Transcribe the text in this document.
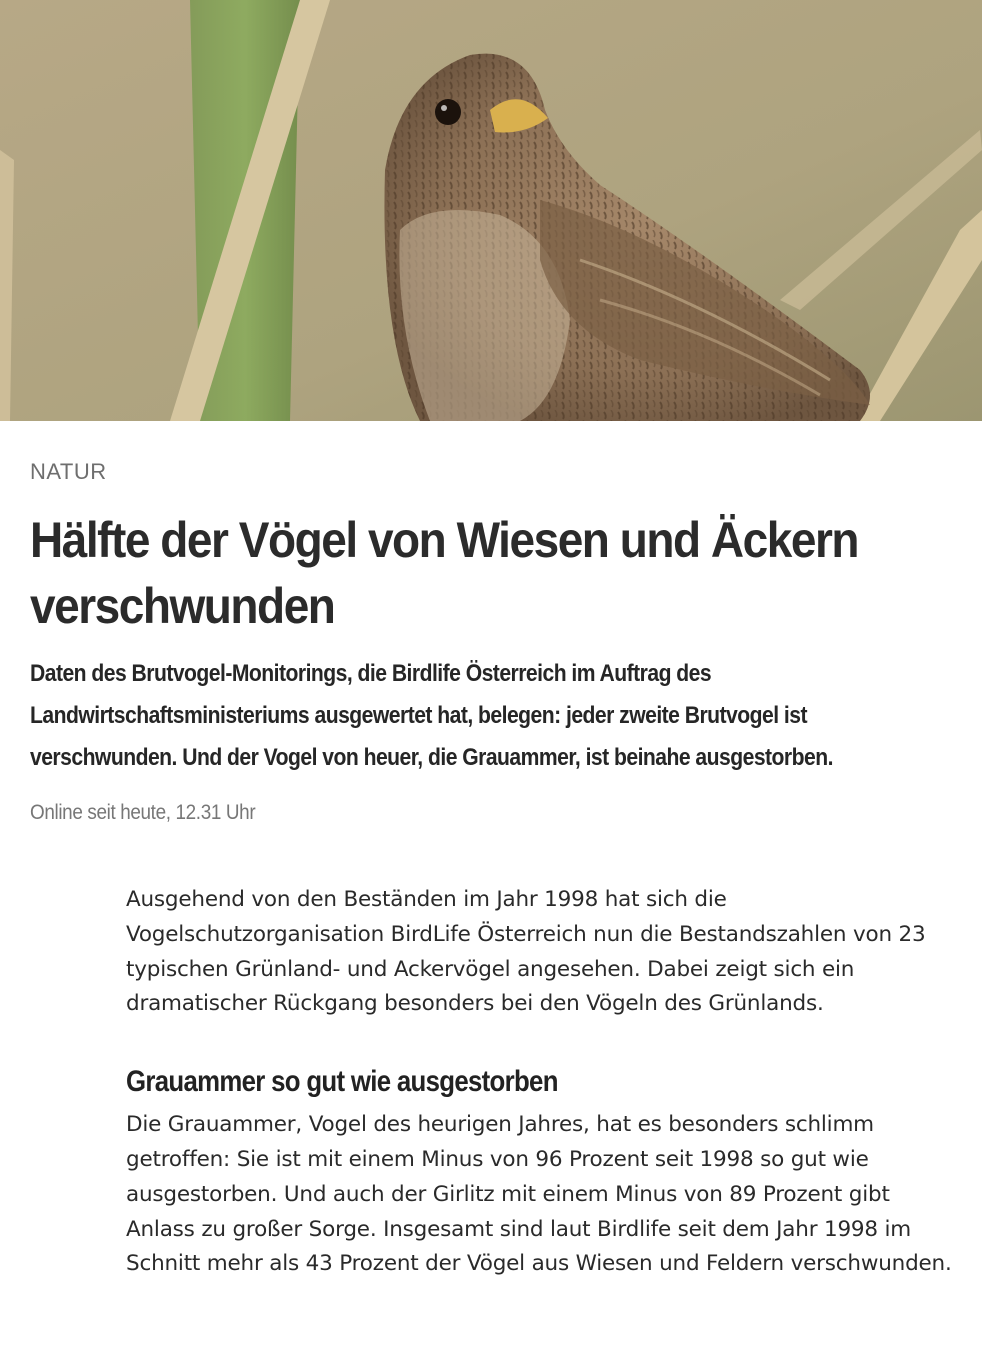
NATUR
Hälfte der Vögel von Wiesen und Äckern
verschwunden

Daten des Brutvogel-Monitorings, die Birdlife Österreich im Auftrag des Landwirtschaftsministeriums ausgewertet hat, belegen: jeder zweite Brutvogel ist verschwunden. Und der Vogel von heuer, die Grauammer, ist beinahe ausgestorben.

Online seit heute, 12.31 Uhr

Ausgehend von den Beständen im Jahr 1998 hat sich die Vogelschutzorganisation BirdLife Österreich nun die Bestandszahlen von 23 typischen Grünland- und Ackervögel angesehen. Dabei zeigt sich ein dramatischer Rückgang besonders bei den Vögeln des Grünlands.

Grauammer so gut wie ausgestorben

Die Grauammer, Vogel des heurigen Jahres, hat es besonders schlimm getroffen: Sie ist mit einem Minus von 96 Prozent seit 1998 so gut wie ausgestorben. Und auch der Girlitz mit einem Minus von 89 Prozent gibt Anlass zu großer Sorge. Insgesamt sind laut Birdlife seit dem Jahr 1998 im Schnitt mehr als 43 Prozent der Vögel aus Wiesen und Feldern verschwunden.
